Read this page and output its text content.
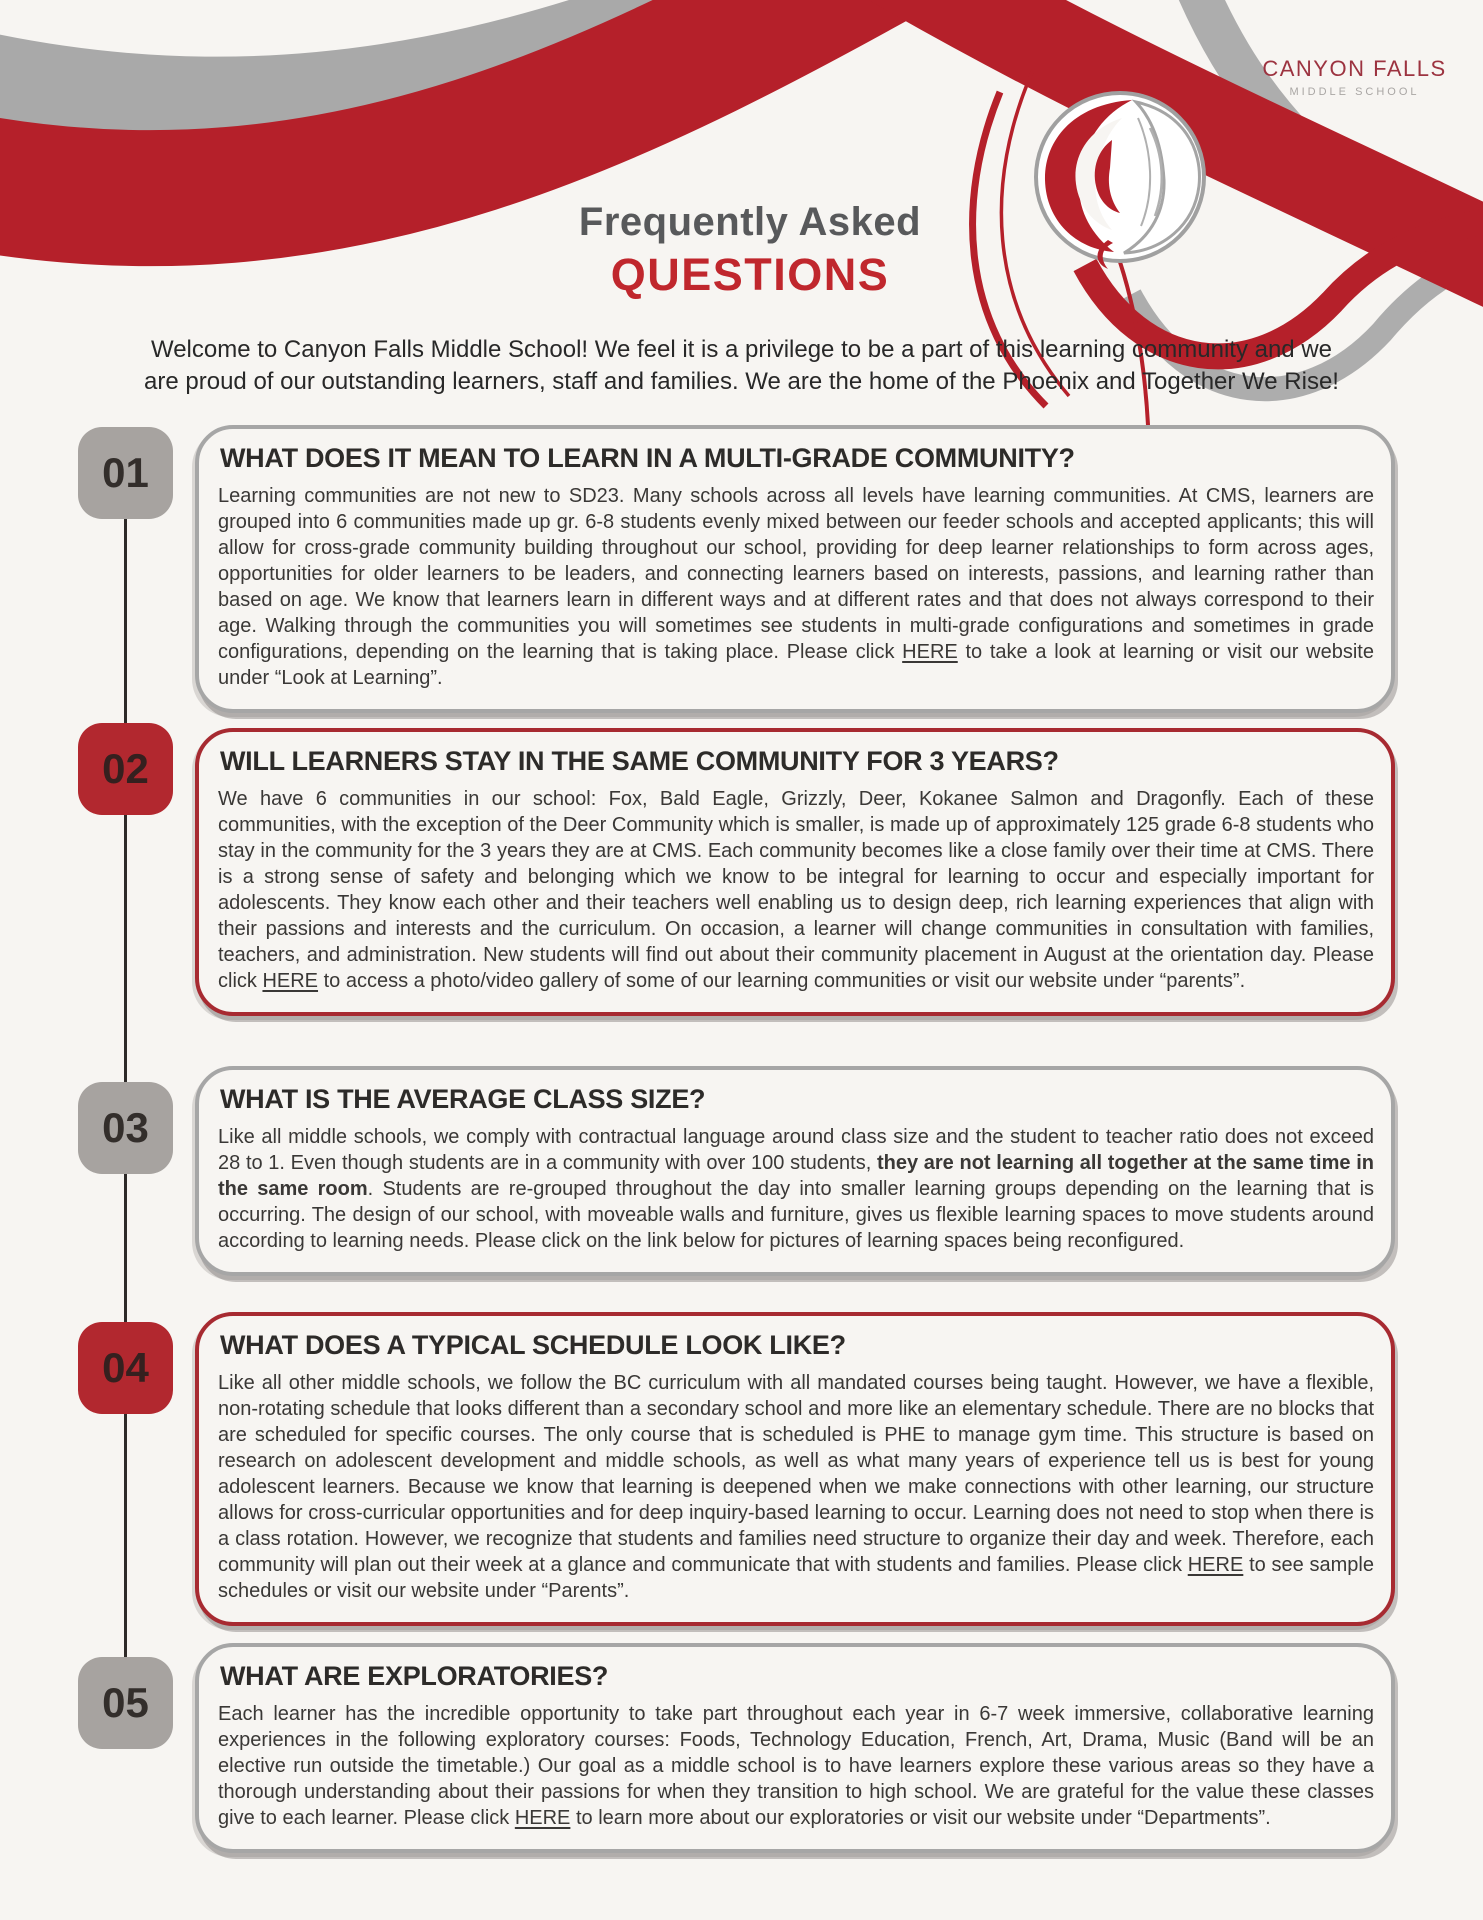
CANYON FALLS
MIDDLE SCHOOL
Frequently Asked
QUESTIONS
Welcome to Canyon Falls Middle School! We feel it is a privilege to be a part of this learning community and we
are proud of our outstanding learners, staff and families. We are the home of the Phoenix and Together We Rise!
01	WHAT DOES IT MEAN TO LEARN IN A MULTI-GRADE COMMUNITY?
Learning communities are not new to SD23. Many schools across all levels have learning communities. At CMS, learners are grouped into 6 communities made up gr. 6-8 students evenly mixed between our feeder schools and accepted applicants; this will allow for cross-grade community building throughout our school, providing for deep learner relationships to form across ages, opportunities for older learners to be leaders, and connecting learners based on interests, passions, and learning rather than based on age. We know that learners learn in different ways and at different rates and that does not always correspond to their age. Walking through the communities you will sometimes see students in multi-grade configurations and sometimes in grade configurations, depending on the learning that is taking place. Please click HERE to take a look at learning or visit our website under “Look at Learning”.
02	WILL LEARNERS STAY IN THE SAME COMMUNITY FOR 3 YEARS?
We have 6 communities in our school: Fox, Bald Eagle, Grizzly, Deer, Kokanee Salmon and Dragonfly. Each of these communities, with the exception of the Deer Community which is smaller, is made up of approximately 125 grade 6-8 students who stay in the community for the 3 years they are at CMS. Each community becomes like a close family over their time at CMS. There is a strong sense of safety and belonging which we know to be integral for learning to occur and especially important for adolescents. They know each other and their teachers well enabling us to design deep, rich learning experiences that align with their passions and interests and the curriculum. On occasion, a learner will change communities in consultation with families, teachers, and administration. New students will find out about their community placement in August at the orientation day. Please click HERE to access a photo/video gallery of some of our learning communities or visit our website under “parents”.
03
WHAT IS THE AVERAGE CLASS SIZE?
Like all middle schools, we comply with contractual language around class size and the student to teacher ratio does not exceed 28 to 1. Even though students are in a community with over 100 students, they are not learning all together at the same time in the same room. Students are re-grouped throughout the day into smaller learning groups depending on the learning that is occurring. The design of our school, with moveable walls and furniture, gives us flexible learning spaces to move students around according to learning needs. Please click on the link below for pictures of learning spaces being reconfigured.
04	WHAT DOES A TYPICAL SCHEDULE LOOK LIKE?
Like all other middle schools, we follow the BC curriculum with all mandated courses being taught. However, we have a flexible, non-rotating schedule that looks different than a secondary school and more like an elementary schedule. There are no blocks that are scheduled for specific courses. The only course that is scheduled is PHE to manage gym time. This structure is based on research on adolescent development and middle schools, as well as what many years of experience tell us is best for young adolescent learners. Because we know that learning is deepened when we make connections with other learning, our structure allows for cross-curricular opportunities and for deep inquiry-based learning to occur. Learning does not need to stop when there is a class rotation. However, we recognize that students and families need structure to organize their day and week. Therefore, each community will plan out their week at a glance and communicate that with students and families. Please click HERE to see sample schedules or visit our website under “Parents”.
05
WHAT ARE EXPLORATORIES?
Each learner has the incredible opportunity to take part throughout each year in 6-7 week immersive, collaborative learning experiences in the following exploratory courses: Foods, Technology Education, French, Art, Drama, Music (Band will be an elective run outside the timetable.) Our goal as a middle school is to have learners explore these various areas so they have a thorough understanding about their passions for when they transition to high school. We are grateful for the value these classes give to each learner. Please click HERE to learn more about our exploratories or visit our website under “Departments”.
